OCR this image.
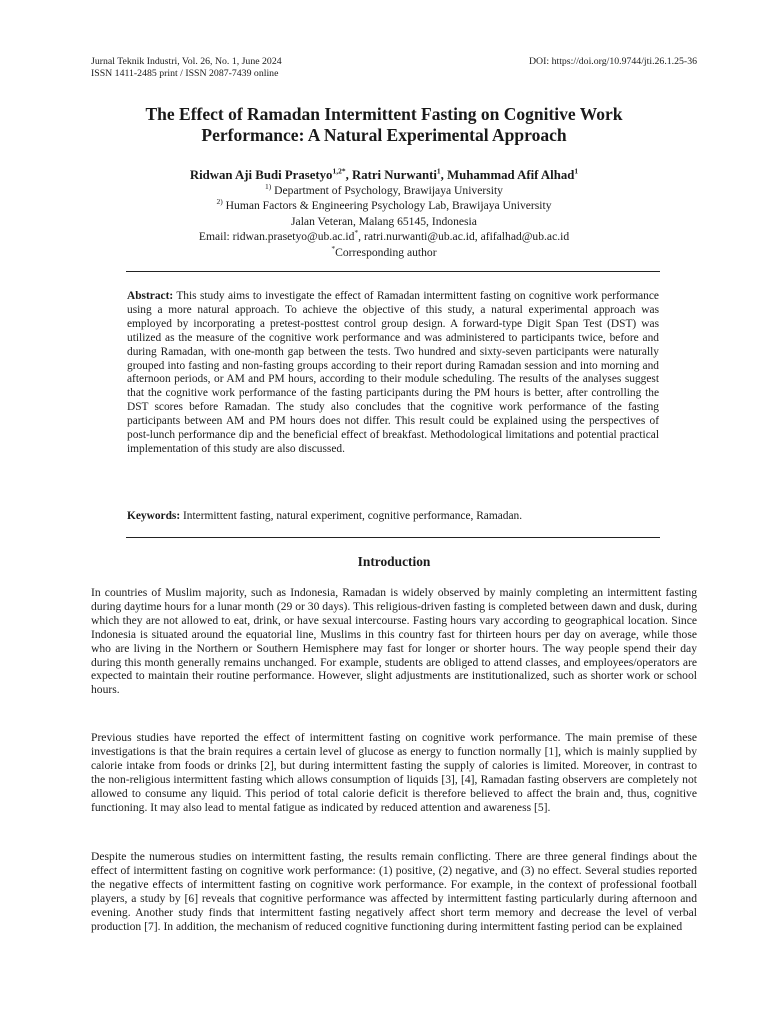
Jurnal Teknik Industri, Vol. 26, No. 1, June 2024
ISSN 1411-2485 print / ISSN 2087-7439 online
DOI: https://doi.org/10.9744/jti.26.1.25-36
The Effect of Ramadan Intermittent Fasting on Cognitive Work
Performance: A Natural Experimental Approach
Ridwan Aji Budi Prasetyo$^{1,2*}$, Ratri Nurwanti$^1$, Muhammad Afif Alhad$^1$
$^{1)}$ Department of Psychology, Brawijaya University
$^{2)}$ Human Factors & Engineering Psychology Lab, Brawijaya University
Jalan Veteran, Malang 65145, Indonesia
Email: ridwan.prasetyo@ub.ac.id*, ratri.nurwanti@ub.ac.id, afifalhad@ub.ac.id
*Corresponding author
Abstract: This study aims to investigate the effect of Ramadan intermittent fasting on cognitive work performance using a more natural approach. To achieve the objective of this study, a natural experimental approach was employed by incorporating a pretest-posttest control group design. A forward-type Digit Span Test (DST) was utilized as the measure of the cognitive work performance and was administered to participants twice, before and during Ramadan, with one-month gap between the tests. Two hundred and sixty-seven participants were naturally grouped into fasting and non-fasting groups according to their report during Ramadan session and into morning and afternoon periods, or AM and PM hours, according to their module scheduling. The results of the analyses suggest that the cognitive work performance of the fasting participants during the PM hours is better, after controlling the DST scores before Ramadan. The study also concludes that the cognitive work performance of the fasting participants between AM and PM hours does not differ. This result could be explained using the perspectives of post-lunch performance dip and the beneficial effect of breakfast. Methodological limitations and potential practical implementation of this study are also discussed.
Keywords: Intermittent fasting, natural experiment, cognitive performance, Ramadan.
Introduction
In countries of Muslim majority, such as Indonesia, Ramadan is widely observed by mainly completing an intermittent fasting during daytime hours for a lunar month (29 or 30 days). This religious-driven fasting is completed between dawn and dusk, during which they are not allowed to eat, drink, or have sexual intercourse. Fasting hours vary according to geographical location. Since Indonesia is situated around the equatorial line, Muslims in this country fast for thirteen hours per day on average, while those who are living in the Northern or Southern Hemisphere may fast for longer or shorter hours. The way people spend their day during this month generally remains unchanged. For example, students are obliged to attend classes, and employees/operators are expected to maintain their routine performance. However, slight adjustments are institutionalized, such as shorter work or school hours.
Previous studies have reported the effect of intermittent fasting on cognitive work performance. The main premise of these investigations is that the brain requires a certain level of glucose as energy to function normally [1], which is mainly supplied by calorie intake from foods or drinks [2], but during intermittent fasting the supply of calories is limited. Moreover, in contrast to the non-religious intermittent fasting which allows consumption of liquids [3], [4], Ramadan fasting observers are completely not allowed to consume any liquid. This period of total calorie deficit is therefore believed to affect the brain and, thus, cognitive functioning. It may also lead to mental fatigue as indicated by reduced attention and awareness [5].
Despite the numerous studies on intermittent fasting, the results remain conflicting. There are three general findings about the effect of intermittent fasting on cognitive work performance: (1) positive, (2) negative, and (3) no effect. Several studies reported the negative effects of intermittent fasting on cognitive work performance. For example, in the context of professional football players, a study by [6] reveals that cognitive performance was affected by intermittent fasting particularly during afternoon and evening. Another study finds that intermittent fasting negatively affect short term memory and decrease the level of verbal production [7]. In addition, the mechanism of reduced cognitive functioning during intermittent fasting period can be explained
